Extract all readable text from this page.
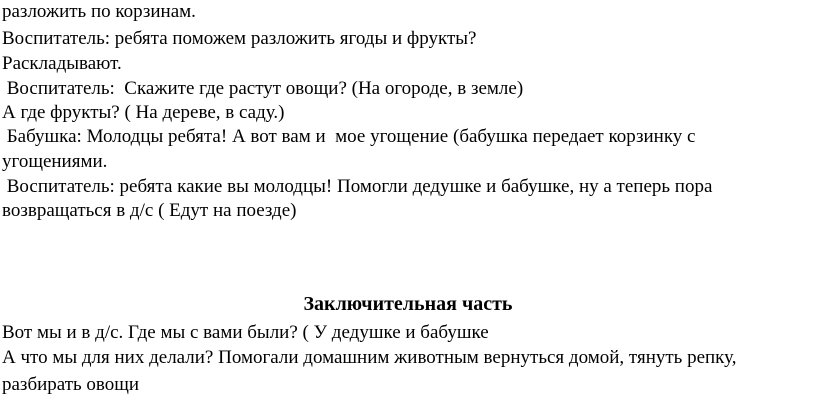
разложить по корзинам.
Воспитатель: ребята поможем разложить ягоды и фрукты?
Раскладывают.
Воспитатель:  Скажите где растут овощи? (На огороде, в земле)
А где фрукты? ( На дереве, в саду.)
Бабушка: Молодцы ребята! А вот вам и  мое угощение (бабушка передает корзинку с
угощениями.
Воспитатель: ребята какие вы молодцы! Помогли дедушке и бабушке, ну а теперь пора
возвращаться в д/с ( Едут на поезде)
Заключительная часть
Вот мы и в д/с. Где мы с вами были? ( У дедушке и бабушке
А что мы для них делали? Помогали домашним животным вернуться домой, тянуть репку,
разбирать овощи
